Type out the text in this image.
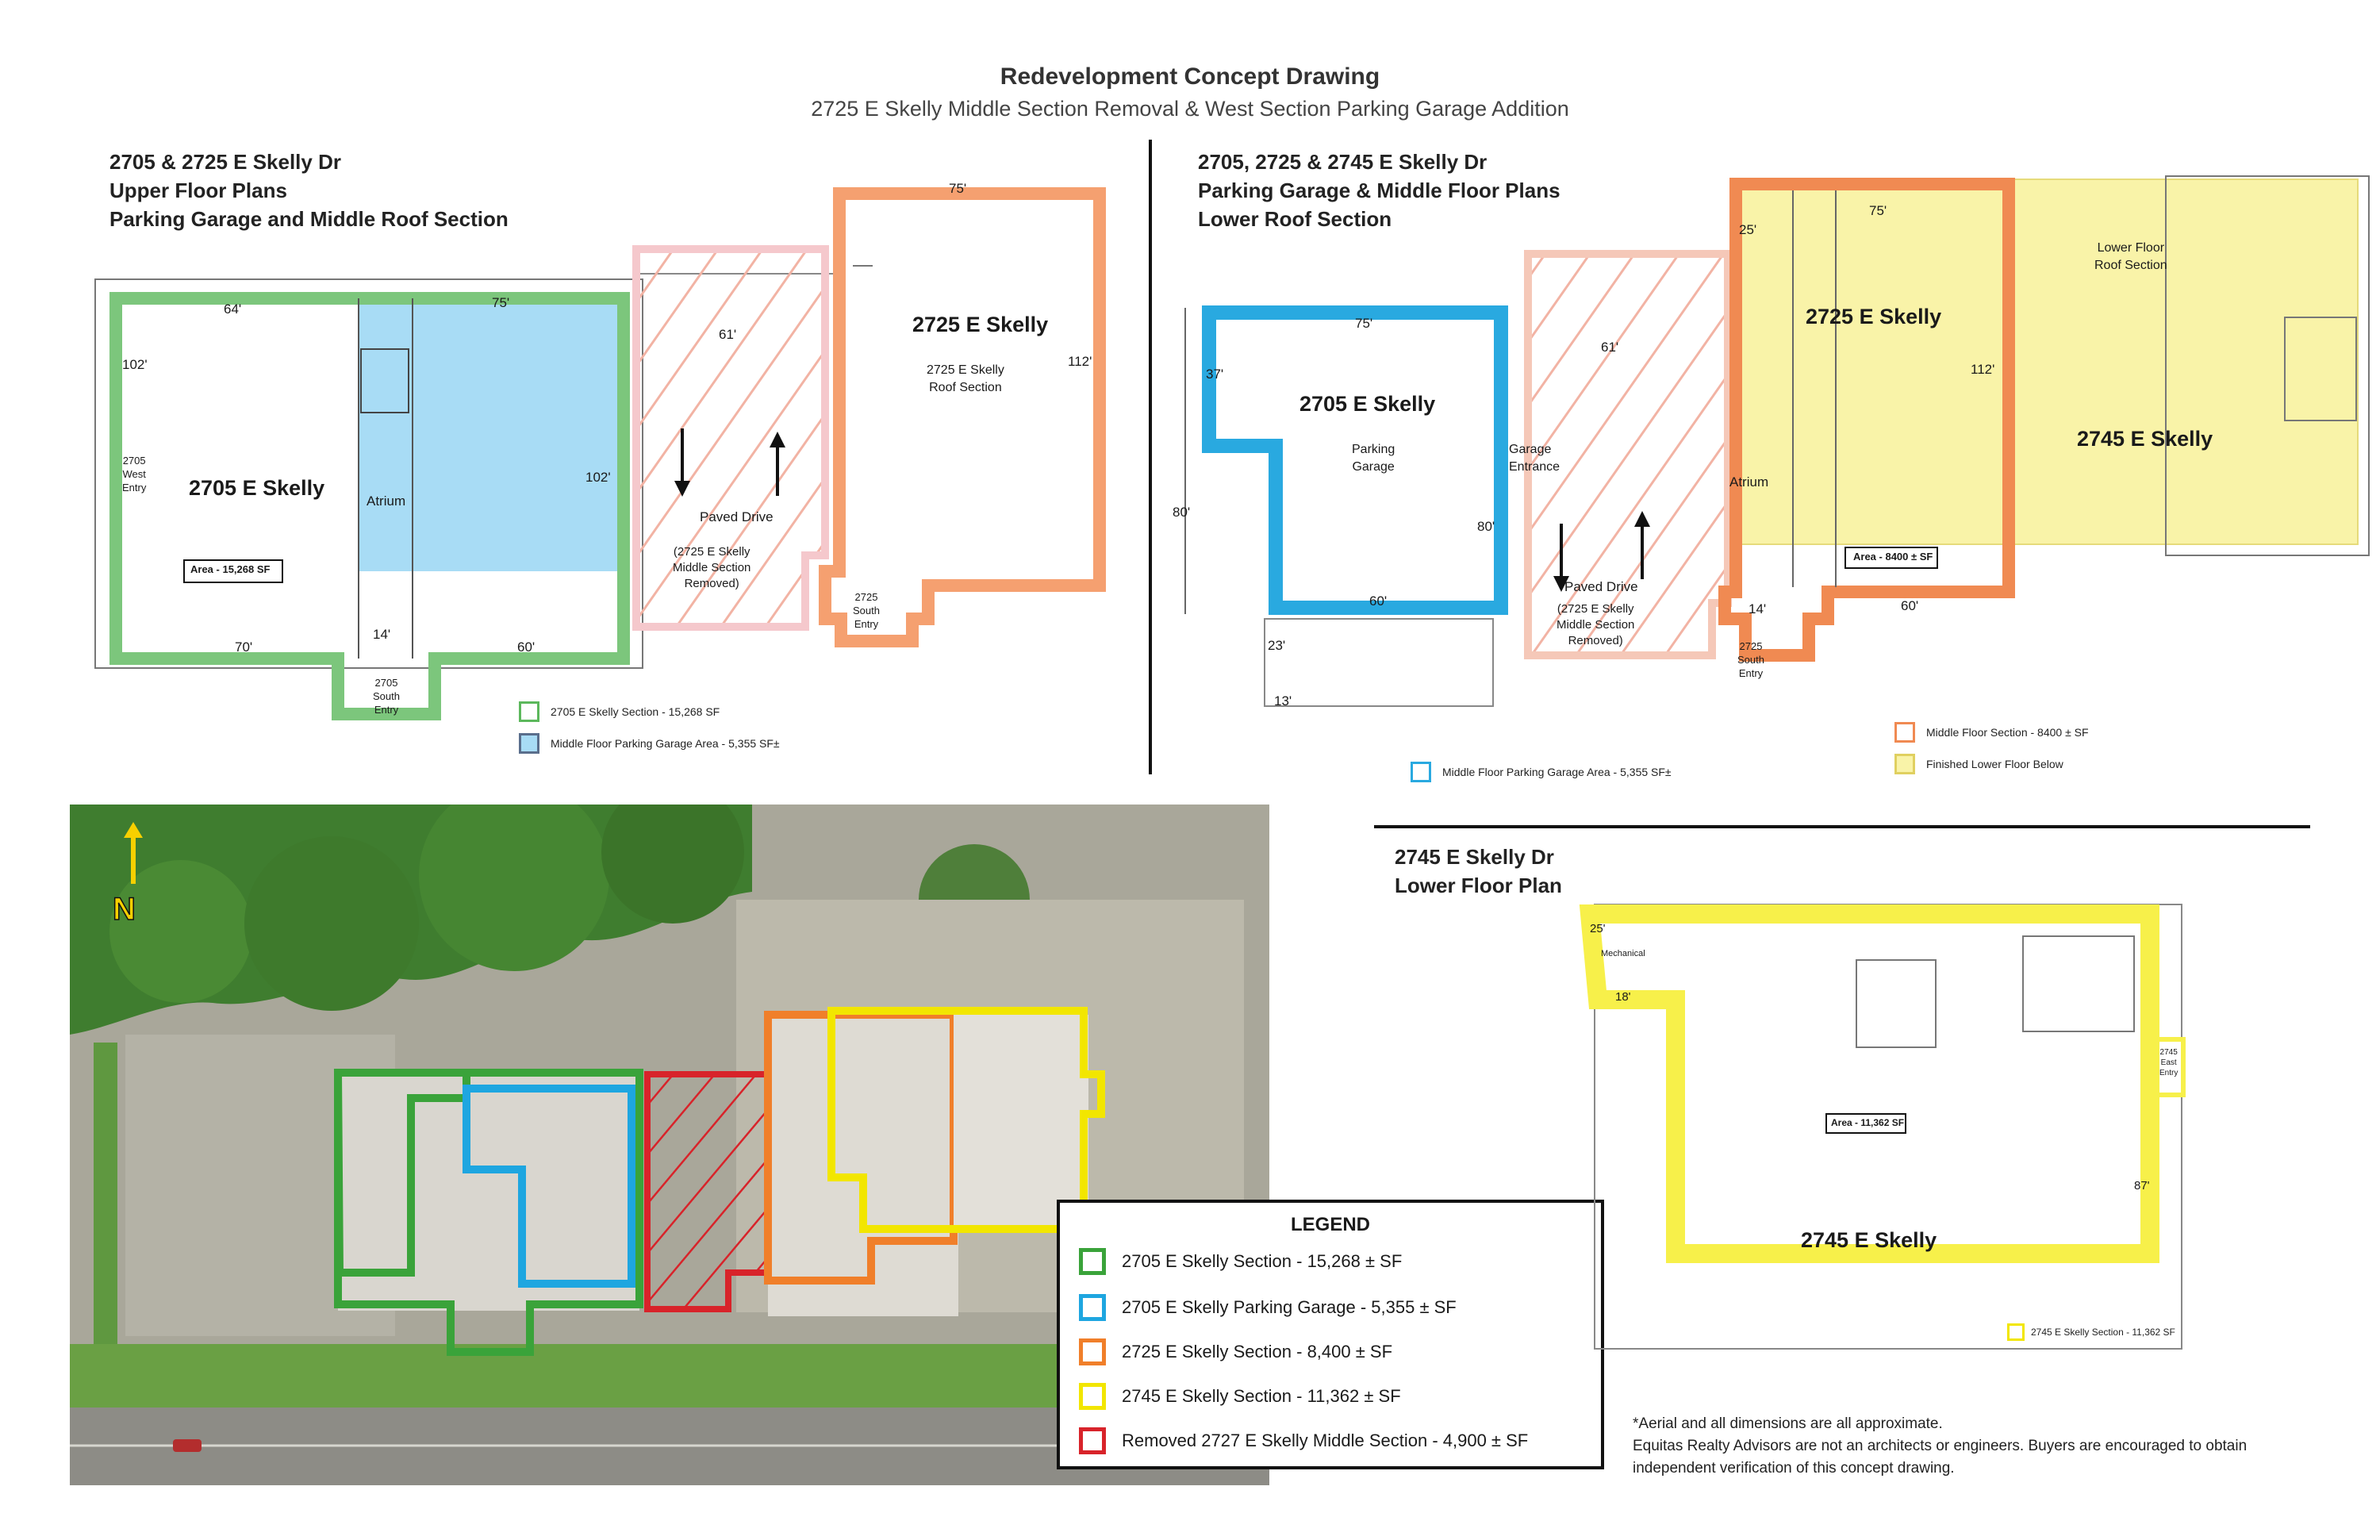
Redevelopment Concept Drawing
2725 E Skelly Middle Section Removal & West Section Parking Garage Addition
2705 & 2725 E Skelly Dr
Upper Floor Plans
Parking Garage and Middle Roof Section
2705 E Skelly
2725 E Skelly
2725 E Skelly
Roof Section
Atrium
2705
West
Entry
2705
South
Entry
2725
South
Entry
Area - 15,268 SF
Paved Drive
(2725 E Skelly
Middle Section
Removed)
64'	75'
102'
102'
70'
14'
60'
61'
75'
112'
2705 E Skelly Section - 15,268 SF
Middle Floor Parking Garage Area - 5,355 SF±
2705, 2725 & 2745 E Skelly Dr
Parking Garage & Middle Floor Plans
Lower Roof Section
2705 E Skelly
Parking
Garage
Garage
Entrance
Paved Drive
(2725 E Skelly
Middle Section
Removed)
Atrium
2725 E Skelly
2745 E Skelly
Lower Floor
Roof Section
Area - 8400 ± SF
2725
South
Entry
75'
37'
80'
80'
60'
23'
13'
61'
25'
75'
112'
14'	60'
Middle Floor Parking Garage Area - 5,355 SF±
Middle Floor Section - 8400 ± SF
Finished Lower Floor Below
N
LEGEND
2705 E Skelly Section - 15,268 ± SF
2705 E Skelly Parking Garage - 5,355 ± SF
2725 E Skelly Section - 8,400 ± SF
2745 E Skelly Section - 11,362 ± SF
Removed 2727 E Skelly Middle Section - 4,900 ± SF
2745 E Skelly Dr
Lower Floor Plan
25'
Mechanical
18'
Area - 11,362 SF
87'
2745 E Skelly
2745
East
Entry
2745 E Skelly Section - 11,362 SF
*Aerial and all dimensions are all approximate.
Equitas Realty Advisors are not an architects or engineers. Buyers are encouraged to obtain
independent verification of this concept drawing.
